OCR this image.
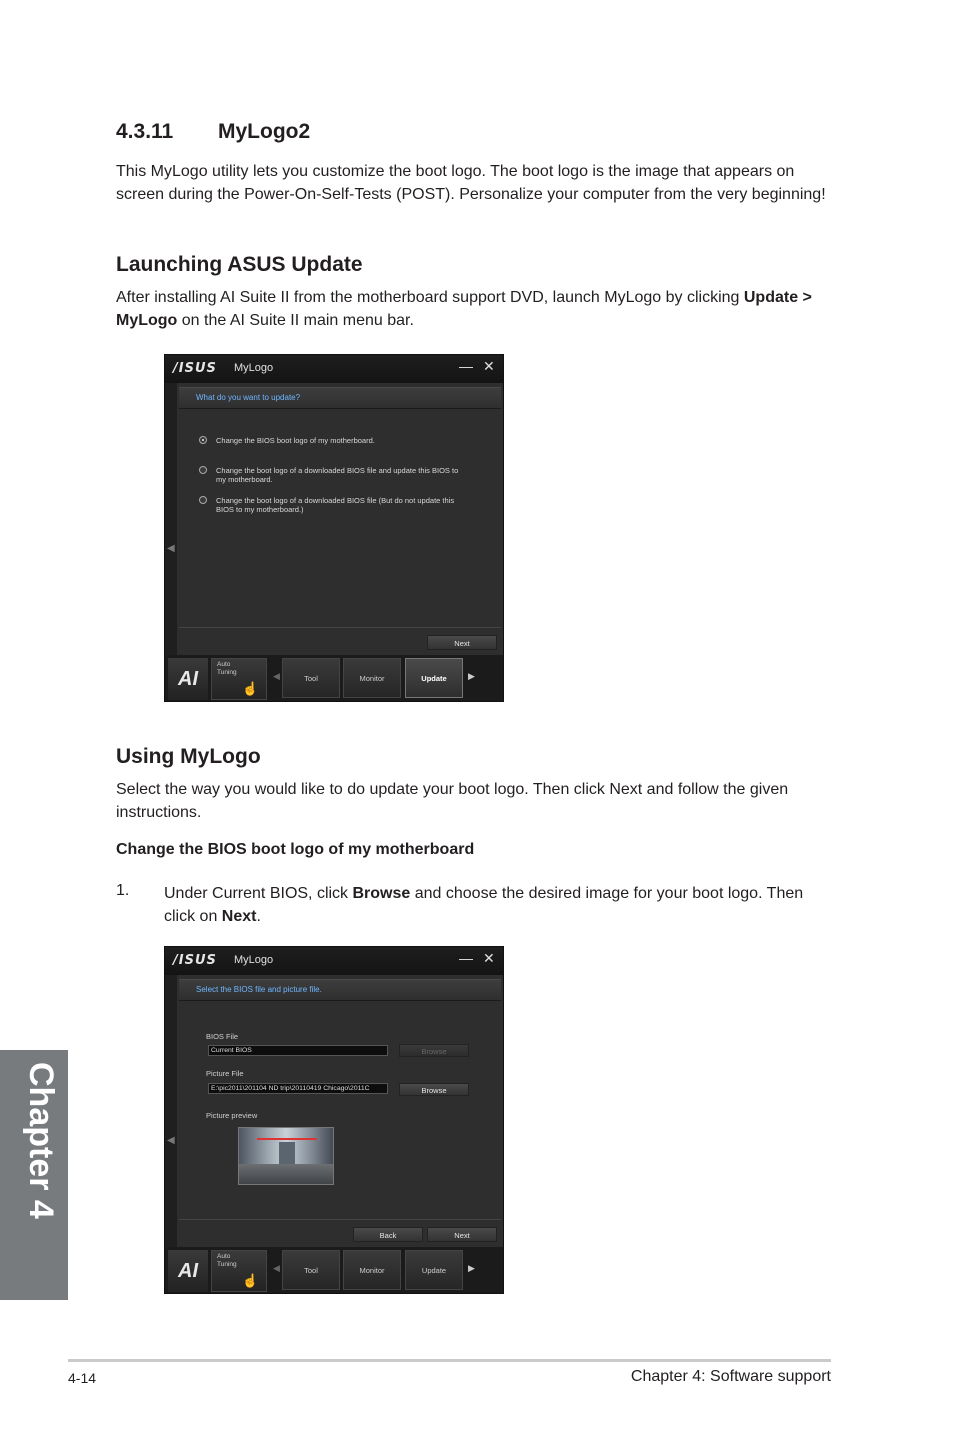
4.3.11 MyLogo2

This MyLogo utility lets you customize the boot logo. The boot logo is the image that appears on screen during the Power-On-Self-Tests (POST). Personalize your computer from the very beginning!

Launching ASUS Update

After installing AI Suite II from the motherboard support DVD, launch MyLogo by clicking Update > MyLogo on the AI Suite II main menu bar.

/ISUS MyLogo	— ✕
◀
What do you want to update?
Change the BIOS boot logo of my motherboard.
Change the boot logo of a downloaded BIOS file and update this BIOS to my motherboard.
Change the boot logo of a downloaded BIOS file (But do not update this BIOS to my motherboard.)
Next
AI
Auto Tuning
☝
◀	Tool	Monitor	Update	▶
Using MyLogo

Select the way you would like to do update your boot logo. Then click Next and follow the given instructions.

Change the BIOS boot logo of my motherboard

1. Under Current BIOS, click Browse and choose the desired image for your boot logo. Then click on Next.

/ISUS MyLogo	— ✕
◀
Select the BIOS file and picture file.
BIOS File
Current BIOS	Browse
Picture File
E:\pic2011\201104 ND trip\20110419 Chicago\2011C	Browse
Picture preview
Back	Next
AI
Auto Tuning
☝
◀	Tool	Monitor	Update	▶
Chapter 4
4-14	Chapter 4: Software support
